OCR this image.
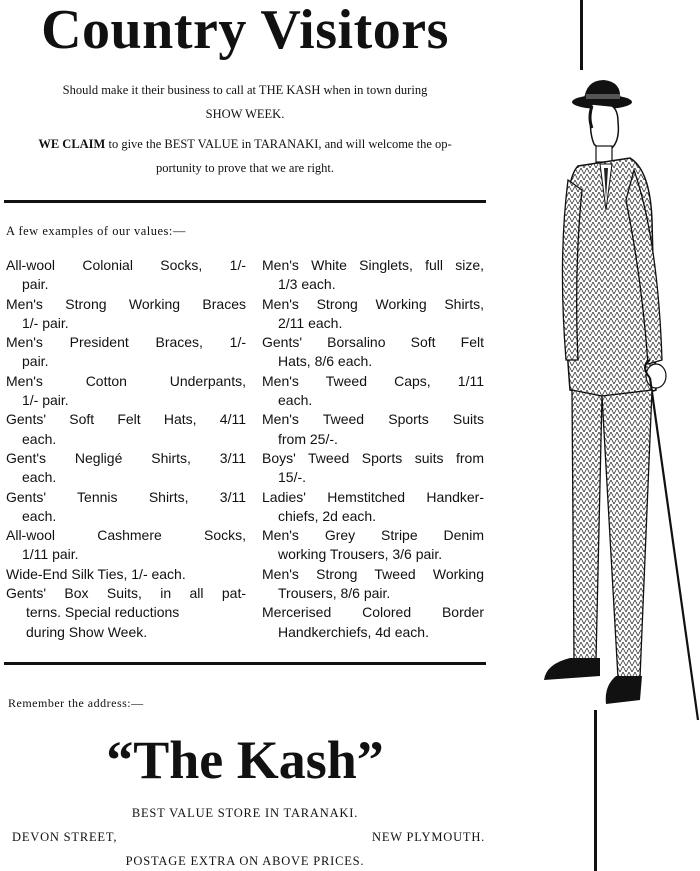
Country Visitors
Should make it their business to call at THE KASH when in town during
SHOW WEEK.
WE CLAIM to give the BEST VALUE in TARANAKI, and will welcome the op-
portunity to prove that we are right.
A few examples of our values:—
All-wool Colonial Socks, 1/-
pair.
Men's Strong Working Braces
1/- pair.
Men's President Braces, 1/-
pair.
Men's Cotton Underpants,
1/- pair.
Gents' Soft Felt Hats, 4/11
each.
Gent's Negligé Shirts, 3/11
each.
Gents' Tennis Shirts, 3/11
each.
All-wool Cashmere Socks,
1/11 pair.
Wide-End Silk Ties, 1/- each.
Gents' Box Suits, in all pat-
terns. Special reductions
during Show Week.
Men's White Singlets, full size,
1/3 each.
Men's Strong Working Shirts,
2/11 each.
Gents' Borsalino Soft Felt
Hats, 8/6 each.
Men's Tweed Caps, 1/11
each.
Men's Tweed Sports Suits
from 25/-.
Boys' Tweed Sports suits from
15/-.
Ladies' Hemstitched Handker-
chiefs, 2d each.
Men's Grey Stripe Denim
working Trousers, 3/6 pair.
Men's Strong Tweed Working
Trousers, 8/6 pair.
Mercerised Colored Border
Handkerchiefs, 4d each.
Remember the address:—
“The Kash”
BEST VALUE STORE IN TARANAKI.
DEVON STREET,	NEW PLYMOUTH.
POSTAGE EXTRA ON ABOVE PRICES.
